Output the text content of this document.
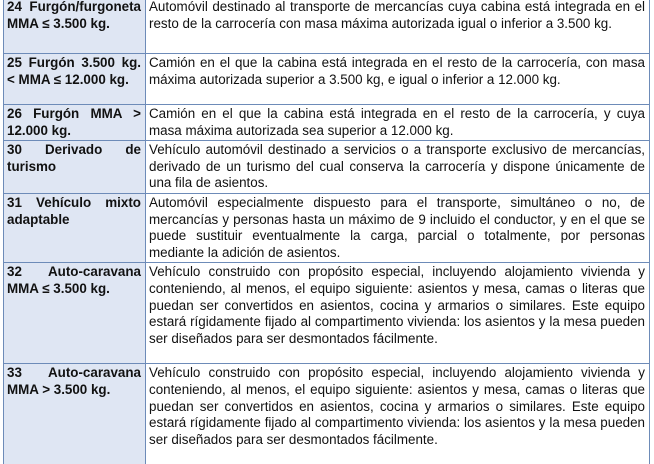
24 Furgón/furgoneta MMA ≤ 3.500 kg.	Automóvil destinado al transporte de mercancías cuya cabina está integrada en el resto de la carrocería con masa máxima autorizada igual o inferior a 3.500 kg.
25 Furgón 3.500 kg. < MMA ≤ 12.000 kg.	Camión en el que la cabina está integrada en el resto de la carrocería, con masa máxima autorizada superior a 3.500 kg, e igual o inferior a 12.000 kg.
26 Furgón MMA > 12.000 kg.	Camión en el que la cabina está integrada en el resto de la carrocería, y cuya masa máxima autorizada sea superior a 12.000 kg.
30 Derivado de turismo	Vehículo automóvil destinado a servicios o a transporte exclusivo de mercancías, derivado de un turismo del cual conserva la carrocería y dispone únicamente de una fila de asientos.
31 Vehículo mixto adaptable	Automóvil especialmente dispuesto para el transporte, simultáneo o no, de mercancías y personas hasta un máximo de 9 incluido el conductor, y en el que se puede sustituir eventualmente la carga, parcial o totalmente, por personas mediante la adición de asientos.
32 Auto-caravana MMA ≤ 3.500 kg.	Vehículo construido con propósito especial, incluyendo alojamiento vivienda y conteniendo, al menos, el equipo siguiente: asientos y mesa, camas o literas que puedan ser convertidos en asientos, cocina y armarios o similares. Este equipo estará rígidamente fijado al compartimento vivienda: los asientos y la mesa pueden ser diseñados para ser desmontados fácilmente.
33 Auto-caravana MMA > 3.500 kg.	Vehículo construido con propósito especial, incluyendo alojamiento vivienda y conteniendo, al menos, el equipo siguiente: asientos y mesa, camas o literas que puedan ser convertidos en asientos, cocina y armarios o similares. Este equipo estará rígidamente fijado al compartimento vivienda: los asientos y la mesa pueden ser diseñados para ser desmontados fácilmente.
